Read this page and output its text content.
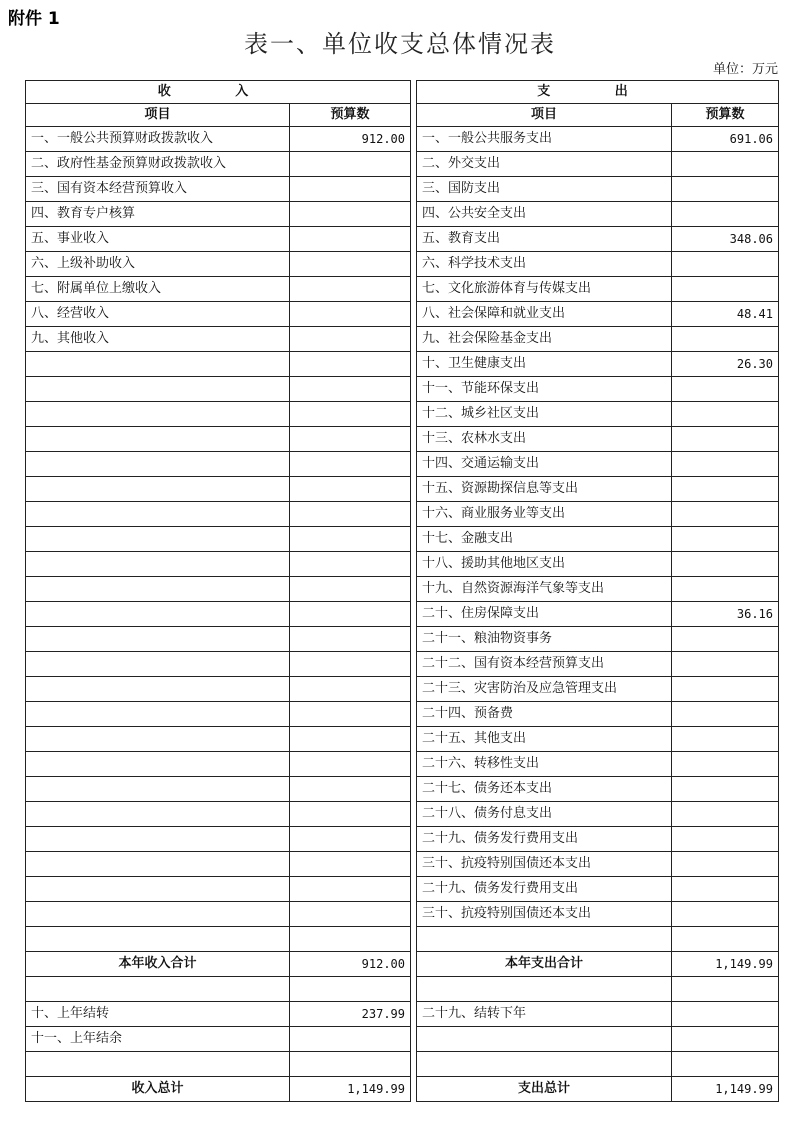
附件 1
表一、单位收支总体情况表
单位：万元
收 入			支 出	
项目	预算数		项目	预算数
一、一般公共预算财政拨款收入	912.00		一、一般公共服务支出	691.06
二、政府性基金预算财政拨款收入			二、外交支出	
三、国有资本经营预算收入			三、国防支出	
四、教育专户核算			四、公共安全支出	
五、事业收入			五、教育支出	348.06
六、上级补助收入			六、科学技术支出	
七、附属单位上缴收入			七、文化旅游体育与传媒支出	
八、经营收入			八、社会保障和就业支出	48.41
九、其他收入			九、社会保险基金支出	
			十、卫生健康支出	26.30
			十一、节能环保支出	
			十二、城乡社区支出	
			十三、农林水支出	
			十四、交通运输支出	
			十五、资源勘探信息等支出	
			十六、商业服务业等支出	
			十七、金融支出	
			十八、援助其他地区支出	
			十九、自然资源海洋气象等支出	
			二十、住房保障支出	36.16
			二十一、粮油物资事务	
			二十二、国有资本经营预算支出	
			二十三、灾害防治及应急管理支出	
			二十四、预备费	
			二十五、其他支出	
			二十六、转移性支出	
			二十七、债务还本支出	
			二十八、债务付息支出	
			二十九、债务发行费用支出	
			三十、抗疫特别国债还本支出	
			二十九、债务发行费用支出	
			三十、抗疫特别国债还本支出	

本年收入合计	912.00		本年支出合计	1,149.99

十、上年结转	237.99		二十九、结转下年	
十一、上年结余				

收入总计	1,149.99		支出总计	1,149.99
